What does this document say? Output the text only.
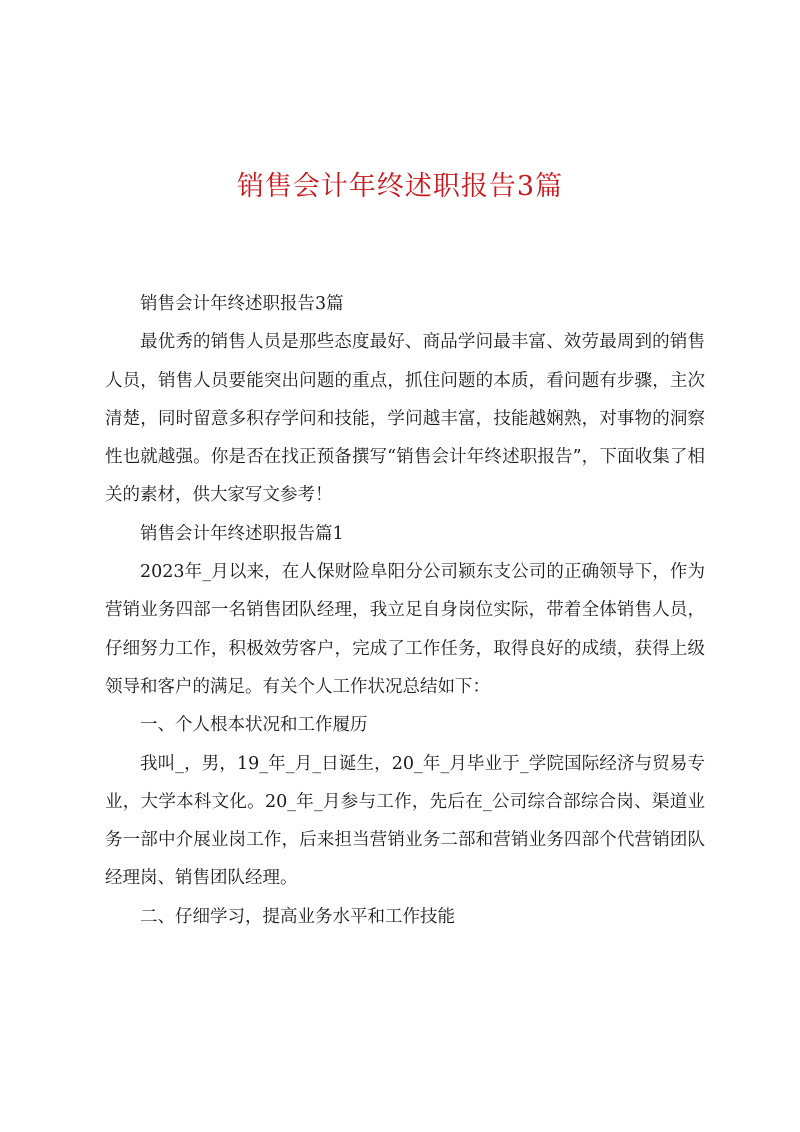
销售会计年终述职报告3篇

销售会计年终述职报告3篇

最优秀的销售人员是那些态度最好、商品学问最丰富、效劳最周到的销售人员，销售人员要能突出问题的重点，抓住问题的本质，看问题有步骤，主次清楚，同时留意多积存学问和技能，学问越丰富，技能越娴熟，对事物的洞察性也就越强。你是否在找正预备撰写“销售会计年终述职报告”，下面收集了相关的素材，供大家写文参考！

销售会计年终述职报告篇1

2023年_月以来，在人保财险阜阳分公司颍东支公司的正确领导下，作为营销业务四部一名销售团队经理，我立足自身岗位实际，带着全体销售人员，仔细努力工作，积极效劳客户，完成了工作任务，取得良好的成绩，获得上级领导和客户的满足。有关个人工作状况总结如下：

一、个人根本状况和工作履历

我叫_，男，19_年_月_日诞生，20_年_月毕业于_学院国际经济与贸易专业，大学本科文化。20_年_月参与工作，先后在_公司综合部综合岗、渠道业务一部中介展业岗工作，后来担当营销业务二部和营销业务四部个代营销团队经理岗、销售团队经理。

二、仔细学习，提高业务水平和工作技能
